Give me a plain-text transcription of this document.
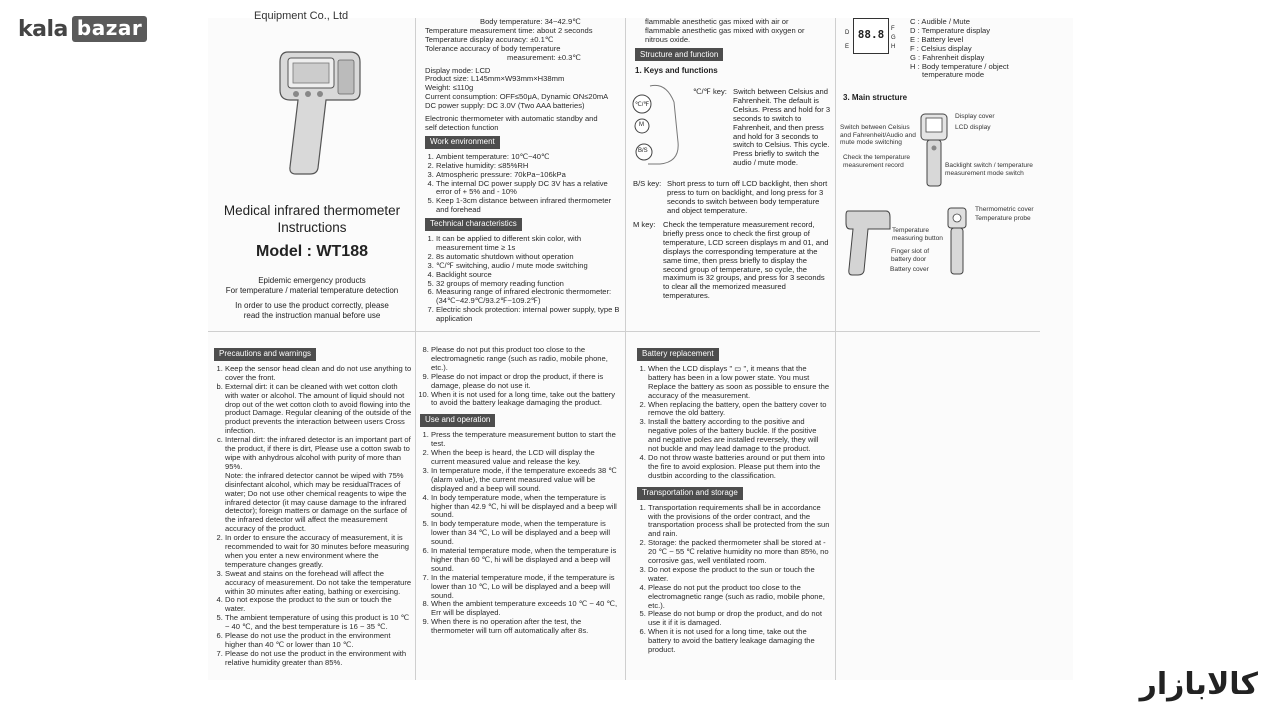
kala bazar	Equipment Co., Ltd
Medical infrared thermometer
Instructions
Model : WT188
Epidemic emergency products
For temperature / material temperature detection
In order to use the product correctly, please
read the instruction manual before use

Body temperature: 34~42.9℃

Temperature measurement time: about 2 seconds

Temperature display accuracy: ±0.1℃

Tolerance accuracy of body temperature

measurement: ±0.3℃

Display mode: LCD

Product size: L145mm×W93mm×H38mm

Weight: ≤110g

Current consumption: OFF≤50μA, Dynamic ON≤20mA

DC power supply: DC 3.0V (Two AAA batteries)

Electronic thermometer with automatic standby and

self detection function

Work environment
1. Ambient temperature: 10℃~40℃
2. Relative humidity: ≤85%RH
3. Atmospheric pressure: 70kPa~106kPa
4. The internal DC power supply DC 3V has a relative error of + 5% and - 10%
5. Keep 1-3cm distance between infrared thermometer and forehead
Technical characteristics
1. It can be applied to different skin color, with measurement time ≥ 1s
2. 8s automatic shutdown without operation
3. ℃/℉ switching, audio / mute mode switching
4. Backlight source
5. 32 groups of memory reading function
6. Measuring range of infrared electronic thermometer: (34℃~42.9℃/93.2℉~109.2℉)
7. Electric shock protection: internal power supply, type B application

flammable anesthetic gas mixed with air or

flammable anesthetic gas mixed with oxygen or

nitrous oxide.

Structure and function
1. Keys and functions
℃/℉
M
B/S
℃/℉ key: Switch between Celsius and Fahrenheit. The default is Celsius. Press and hold for 3 seconds to switch to Fahrenheit, and then press and hold for 3 seconds to switch to Celsius. This cycle. Press briefly to switch the audio / mute mode.
B/S key: Short press to turn off LCD backlight, then short press to turn on backlight, and long press for 3 seconds to switch between body temperature and object temperature.
M key:	Check the temperature measurement record, briefly press once to check the first group of temperature, LCD screen displays m and 01, and displays the corresponding temperature at the same time, then press briefly to display the second group of temperature, so cycle, the maximum is 32 groups, and press for 3 seconds to clear all the memorized measured temperatures.
D
E
88.8	F
G
H

C : Audible / Mute

D : Temperature display

E : Battery level

F : Celsius display

G : Fahrenheit display

H : Body temperature / object

temperature mode

3. Main structure
Display cover
LCD display
Switch between Celsius and Fahrenheit/Audio and mute mode switching
Check the temperature measurement record	Backlight switch / temperature measurement mode switch
Temperature measuring button
Finger slot of battery door
Battery cover
Thermometric cover
Temperature probe
Precautions and warnings
1. Keep the sensor head clean and do not use anything to cover the front.
b. External dirt: it can be cleaned with wet cotton cloth with water or alcohol. The amount of liquid should not drop out of the wet cotton cloth to avoid flowing into the product Damage. Regular cleaning of the outside of the product prevents the interaction between users Cross infection.
c. Internal dirt: the infrared detector is an important part of the product, if there is dirt, Please use a cotton swab to wipe with anhydrous alcohol with purity of more than 95%.

Note: the infrared detector cannot be wiped with 75% disinfectant alcohol, which may be residualTraces of water; Do not use other chemical reagents to wipe the infrared detector (it may cause damage to the infrared detector); foreign matters or damage on the surface of the infrared detector will affect the measurement accuracy of the product.

2. In order to ensure the accuracy of measurement, it is recommended to wait for 30 minutes before measuring when you enter a new environment where the temperature changes greatly.
3. Sweat and stains on the forehead will affect the accuracy of measurement. Do not take the temperature within 30 minutes after eating, bathing or exercising.
4. Do not expose the product to the sun or touch the water.
5. The ambient temperature of using this product is 10 ℃ ~ 40 ℃, and the best temperature is 16 ~ 35 ℃.
6. Please do not use the product in the environment higher than 40 ℃ or lower than 10 ℃.
7. Please do not use the product in the environment with relative humidity greater than 85%.
8. Please do not put this product too close to the electromagnetic range (such as radio, mobile phone, etc.).
9. Please do not impact or drop the product, if there is damage, please do not use it.
10. When it is not used for a long time, take out the battery to avoid the battery leakage damaging the product.
Use and operation
1. Press the temperature measurement button to start the test.
2. When the beep is heard, the LCD will display the current measured value and release the key.
3. In temperature mode, if the temperature exceeds 38 ℃ (alarm value), the current measured value will be displayed and a beep will sound.
4. In body temperature mode, when the temperature is higher than 42.9 ℃, hi will be displayed and a beep will sound.
5. In body temperature mode, when the temperature is lower than 34 ℃, Lo will be displayed and a beep will sound.
6. In material temperature mode, when the temperature is higher than 60 ℃, hi will be displayed and a beep will sound.
7. In the material temperature mode, if the temperature is lower than 10 ℃, Lo will be displayed and a beep will sound.
8. When the ambient temperature exceeds 10 ℃ ~ 40 ℃, Err will be displayed.
9. When there is no operation after the test, the thermometer will turn off automatically after 8s.
Battery replacement
1. When the LCD displays " ▭ ", it means that the battery has been in a low power state. You must Replace the battery as soon as possible to ensure the accuracy of the measurement.
2. When replacing the battery, open the battery cover to remove the old battery.
3. Install the battery according to the positive and negative poles of the battery buckle. If the positive and negative poles are installed reversely, they will not buckle and may lead damage to the product.
4. Do not throw waste batteries around or put them into the fire to avoid explosion. Please put them into the dustbin according to the classification.
Transportation and storage
1. Transportation requirements shall be in accordance with the provisions of the order contract, and the transportation process shall be protected from the sun and rain.
2. Storage: the packed thermometer shall be stored at - 20 ℃ ~ 55 ℃ relative humidity no more than 85%, no corrosive gas, well ventilated room.
3. Do not expose the product to the sun or touch the water.
4. Please do not put the product too close to the electromagnetic range (such as radio, mobile phone, etc.).
5. Please do not bump or drop the product, and do not use it if it is damaged.
6. When it is not used for a long time, take out the battery to avoid the battery leakage damaging the product.
کالابازار
